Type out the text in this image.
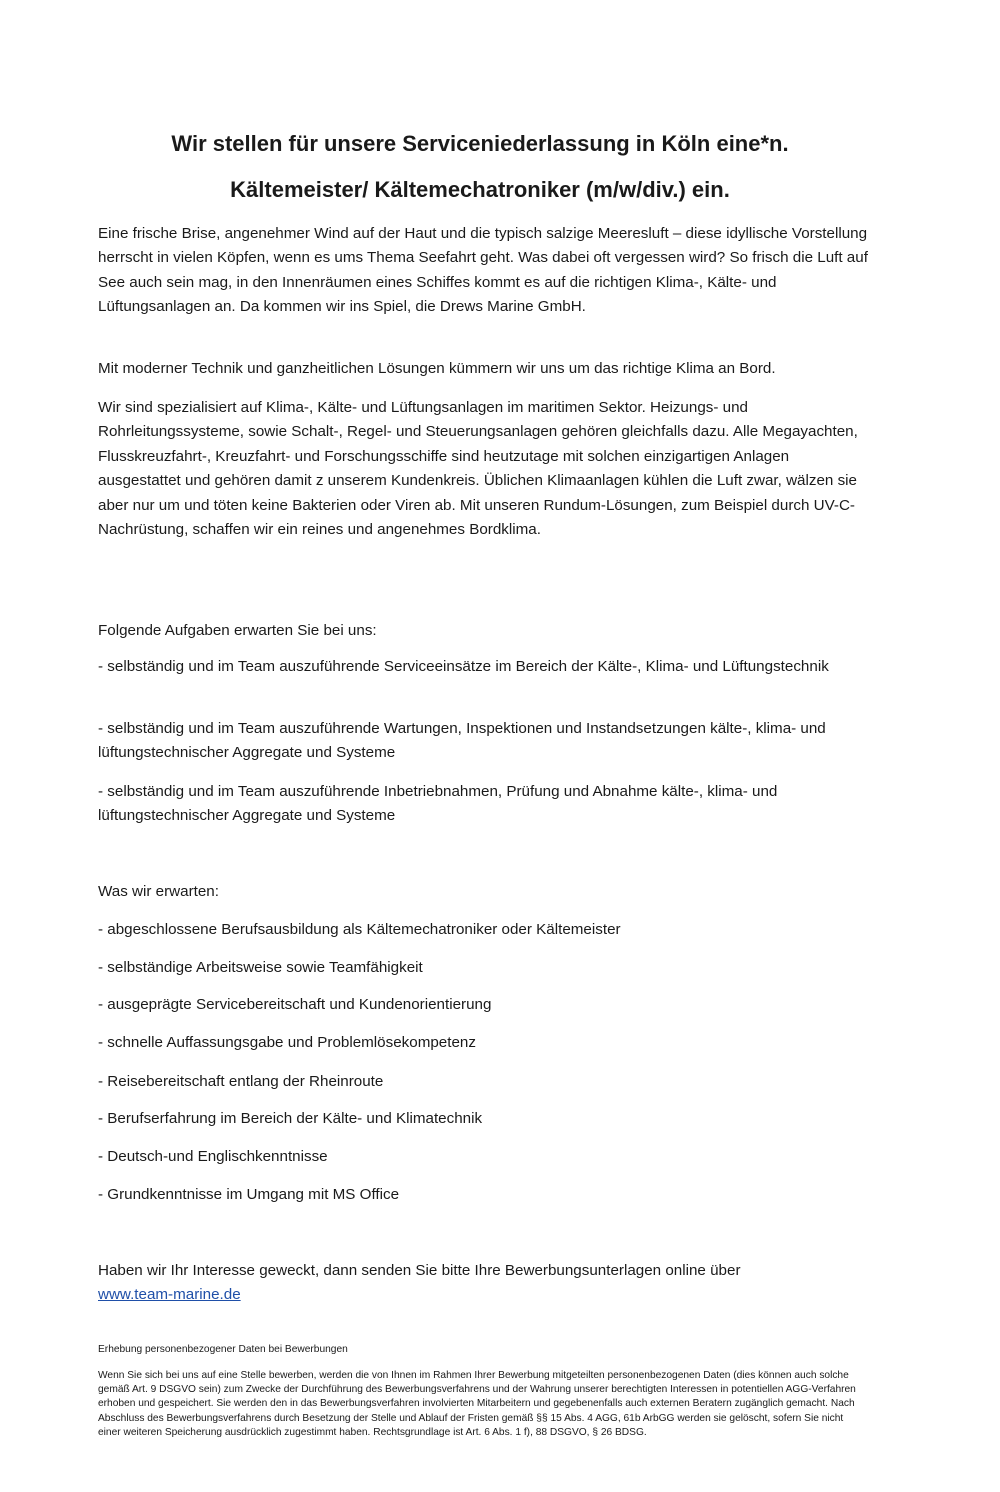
Wir stellen für unsere Serviceniederlassung in Köln eine*n.
Kältemeister/ Kältemechatroniker (m/w/div.) ein.

Eine frische Brise, angenehmer Wind auf der Haut und die typisch salzige Meeresluft – diese idyllische Vorstellung herrscht in vielen Köpfen, wenn es ums Thema Seefahrt geht. Was dabei oft vergessen wird? So frisch die Luft auf See auch sein mag, in den Innenräumen eines Schiffes kommt es auf die richtigen Klima-, Kälte- und Lüftungsanlagen an. Da kommen wir ins Spiel, die Drews Marine GmbH.

Mit moderner Technik und ganzheitlichen Lösungen kümmern wir uns um das richtige Klima an Bord.

Wir sind spezialisiert auf Klima-, Kälte- und Lüftungsanlagen im maritimen Sektor. Heizungs- und Rohrleitungssysteme, sowie Schalt-, Regel- und Steuerungsanlagen gehören gleichfalls dazu. Alle Megayachten, Flusskreuzfahrt-, Kreuzfahrt- und Forschungsschiffe sind heutzutage mit solchen einzigartigen Anlagen ausgestattet und gehören damit z unserem Kundenkreis. Üblichen Klimaanlagen kühlen die Luft zwar, wälzen sie aber nur um und töten keine Bakterien oder Viren ab. Mit unseren Rundum-Lösungen, zum Beispiel durch UV-C-Nachrüstung, schaffen wir ein reines und angenehmes Bordklima.

Folgende Aufgaben erwarten Sie bei uns:

- selbständig und im Team auszuführende Serviceeinsätze im Bereich der Kälte-, Klima- und Lüftungstechnik

- selbständig und im Team auszuführende Wartungen, Inspektionen und Instandsetzungen kälte-, klima- und lüftungstechnischer Aggregate und Systeme

- selbständig und im Team auszuführende Inbetriebnahmen, Prüfung und Abnahme kälte-, klima- und lüftungstechnischer Aggregate und Systeme

Was wir erwarten:

- abgeschlossene Berufsausbildung als Kältemechatroniker oder Kältemeister

- selbständige Arbeitsweise sowie Teamfähigkeit

- ausgeprägte Servicebereitschaft und Kundenorientierung

- schnelle Auffassungsgabe und Problemlösekompetenz

- Reisebereitschaft entlang der Rheinroute

- Berufserfahrung im Bereich der Kälte- und Klimatechnik

- Deutsch-und Englischkenntnisse

- Grundkenntnisse im Umgang mit MS Office

Haben wir Ihr Interesse geweckt, dann senden Sie bitte Ihre Bewerbungsunterlagen online über
www.team-marine.de

Erhebung personenbezogener Daten bei Bewerbungen

Wenn Sie sich bei uns auf eine Stelle bewerben, werden die von Ihnen im Rahmen Ihrer Bewerbung mitgeteilten personenbezogenen Daten (dies können auch solche gemäß Art. 9 DSGVO sein) zum Zwecke der Durchführung des Bewerbungsverfahrens und der Wahrung unserer berechtigten Interessen in potentiellen AGG-Verfahren erhoben und gespeichert. Sie werden den in das Bewerbungsverfahren involvierten Mitarbeitern und gegebenenfalls auch externen Beratern zugänglich gemacht. Nach Abschluss des Bewerbungsverfahrens durch Besetzung der Stelle und Ablauf der Fristen gemäß §§ 15 Abs. 4 AGG, 61b ArbGG werden sie gelöscht, sofern Sie nicht einer weiteren Speicherung ausdrücklich zugestimmt haben. Rechtsgrundlage ist Art. 6 Abs. 1 f), 88 DSGVO, § 26 BDSG.
